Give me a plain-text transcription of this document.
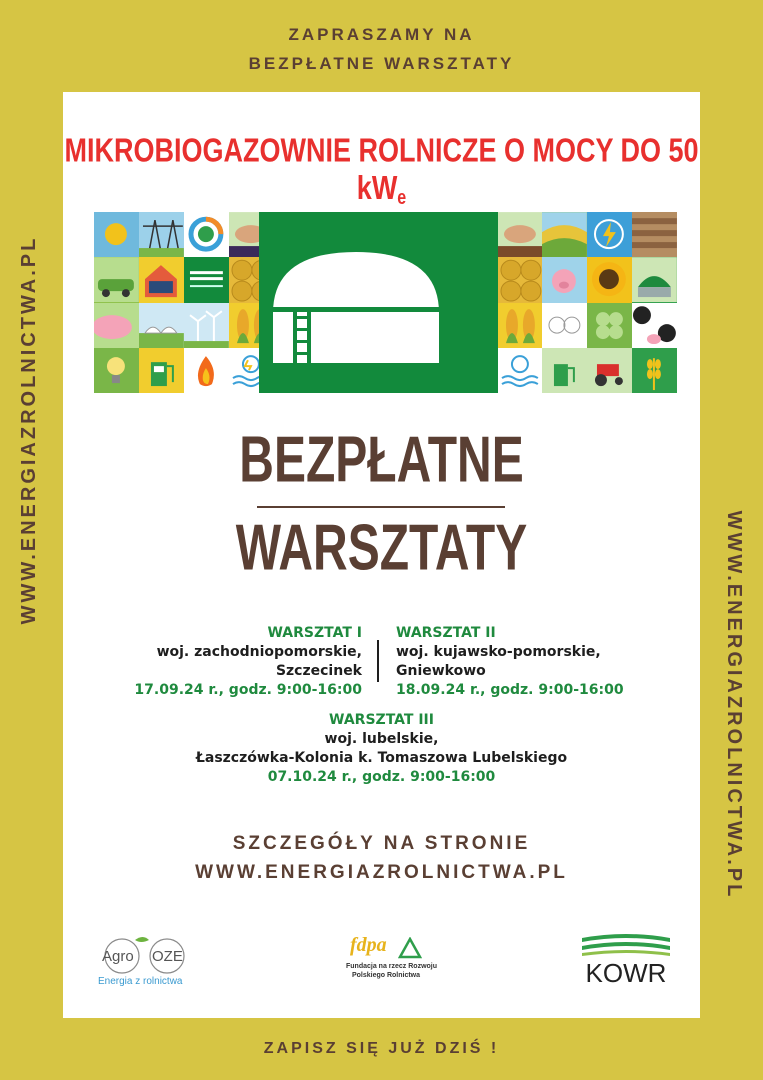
ZAPRASZAMY NA
BEZPŁATNE WARSZTATY
WWW.ENERGIAZROLNICTWA.PL
WWW.ENERGIAZROLNICTWA.PL
MIKROBIOGAZOWNIE ROLNICZE O MOCY DO 50 $kW_e$
BEZPŁATNE
WARSZTATY
WARSZTAT I
woj. zachodniopomorskie,
Szczecinek
17.09.24 r., godz. 9:00-16:00
WARSZTAT II
woj. kujawsko-pomorskie,
Gniewkowo
18.09.24 r., godz. 9:00-16:00
WARSZTAT III
woj. lubelskie,
Łaszczówka-Kolonia k. Tomaszowa Lubelskiego
07.10.24 r., godz. 9:00-16:00
SZCZEGÓŁY NA STRONIE
WWW.ENERGIAZROLNICTWA.PL
Agro OZE
Energia z rolnictwa
fdpa
Fundacja na rzecz Rozwoju
Polskiego Rolnictwa	KOWR
ZAPISZ SIĘ JUŻ DZIŚ !
